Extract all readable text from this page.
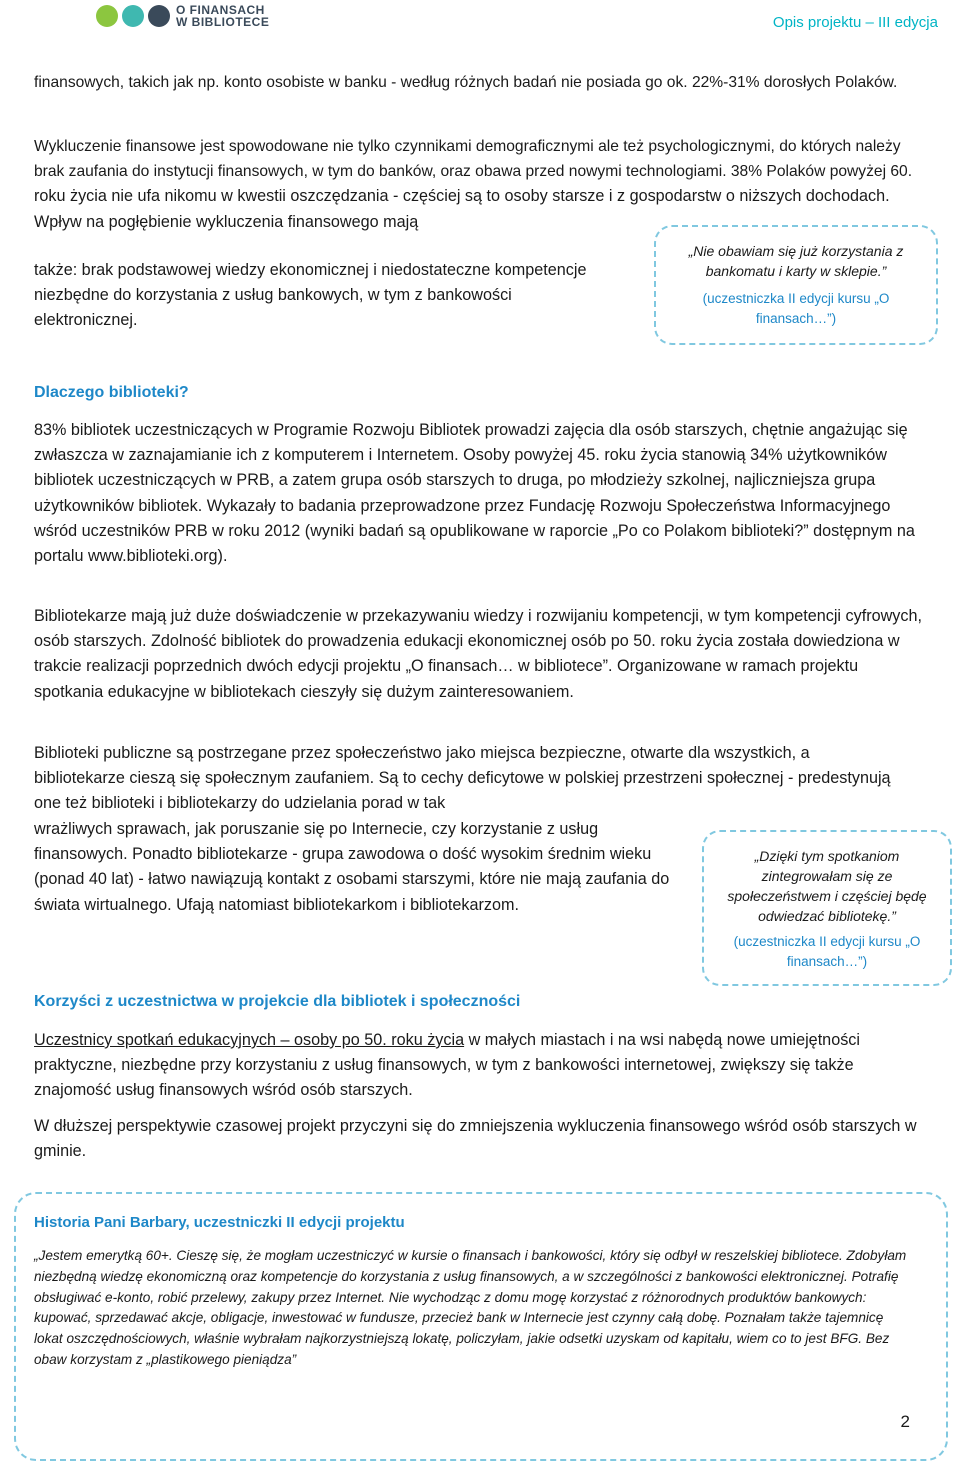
O FINANSACH
W BIBLIOTECE	Opis projektu – III edycja
finansowych, takich jak np. konto osobiste w banku - według różnych badań nie posiada go ok. 22%-31% dorosłych Polaków.
Wykluczenie finansowe jest spowodowane nie tylko czynnikami demograficznymi ale też psychologicznymi, do których należy brak zaufania do instytucji finansowych, w tym do banków, oraz obawa przed nowymi technologiami. 38% Polaków powyżej 60. roku życia nie ufa nikomu w kwestii oszczędzania - częściej są to osoby starsze i z gospodarstw o niższych dochodach. Wpływ na pogłębienie wykluczenia finansowego mają
także: brak podstawowej wiedzy ekonomicznej i niedostateczne kompetencje niezbędne do korzystania z usług bankowych, w tym z bankowości elektronicznej.
„Nie obawiam się już korzystania z bankomatu i karty w sklepie.”
(uczestniczka II edycji kursu „O finansach…”)
Dlaczego biblioteki?
83% bibliotek uczestniczących w Programie Rozwoju Bibliotek prowadzi zajęcia dla osób starszych, chętnie angażując się zwłaszcza w zaznajamianie ich z komputerem i Internetem. Osoby powyżej 45. roku życia stanowią 34% użytkowników bibliotek uczestniczących w PRB, a zatem grupa osób starszych to druga, po młodzieży szkolnej, najliczniejsza grupa użytkowników bibliotek. Wykazały to badania przeprowadzone przez Fundację Rozwoju Społeczeństwa Informacyjnego wśród uczestników PRB w roku 2012 (wyniki badań są opublikowane w raporcie „Po co Polakom biblioteki?” dostępnym na portalu www.biblioteki.org).
Bibliotekarze mają już duże doświadczenie w przekazywaniu wiedzy i rozwijaniu kompetencji, w tym kompetencji cyfrowych, osób starszych. Zdolność bibliotek do prowadzenia edukacji ekonomicznej osób po 50. roku życia została dowiedziona w trakcie realizacji poprzednich dwóch edycji projektu „O finansach… w bibliotece”. Organizowane w ramach projektu spotkania edukacyjne w bibliotekach cieszyły się dużym zainteresowaniem.
Biblioteki publiczne są postrzegane przez społeczeństwo jako miejsca bezpieczne, otwarte dla wszystkich, a bibliotekarze cieszą się społecznym zaufaniem. Są to cechy deficytowe w polskiej przestrzeni społecznej - predestynują one też biblioteki i bibliotekarzy do udzielania porad w tak
wrażliwych sprawach, jak poruszanie się po Internecie, czy korzystanie z usług finansowych. Ponadto bibliotekarze - grupa zawodowa o dość wysokim średnim wieku (ponad 40 lat) - łatwo nawiązują kontakt z osobami starszymi, które nie mają zaufania do świata wirtualnego. Ufają natomiast bibliotekarkom i bibliotekarzom.
„Dzięki tym spotkaniom zintegrowałam się ze społeczeństwem i częściej będę odwiedzać bibliotekę.”
(uczestniczka II edycji kursu „O finansach…”)
Korzyści z uczestnictwa w projekcie dla bibliotek i społeczności
Uczestnicy spotkań edukacyjnych – osoby po 50. roku życia w małych miastach i na wsi nabędą nowe umiejętności praktyczne, niezbędne przy korzystaniu z usług finansowych, w tym z bankowości internetowej, zwiększy się także znajomość usług finansowych wśród osób starszych.
W dłuższej perspektywie czasowej projekt przyczyni się do zmniejszenia wykluczenia finansowego wśród osób starszych w gminie.
Historia Pani Barbary, uczestniczki II edycji projektu
„Jestem emerytką 60+. Cieszę się, że mogłam uczestniczyć w kursie o finansach i bankowości, który się odbył w reszelskiej bibliotece. Zdobyłam niezbędną wiedzę ekonomiczną oraz kompetencje do korzystania z usług finansowych, a w szczególności z bankowości elektronicznej. Potrafię obsługiwać e-konto, robić przelewy, zakupy przez Internet. Nie wychodząc z domu mogę korzystać z różnorodnych produktów bankowych: kupować, sprzedawać akcje, obligacje, inwestować w fundusze, przecież bank w Internecie jest czynny całą dobę. Poznałam także tajemnicę lokat oszczędnościowych, właśnie wybrałam najkorzystniejszą lokatę, policzyłam, jakie odsetki uzyskam od kapitału, wiem co to jest BFG. Bez obaw korzystam z „plastikowego pieniądza”
2
